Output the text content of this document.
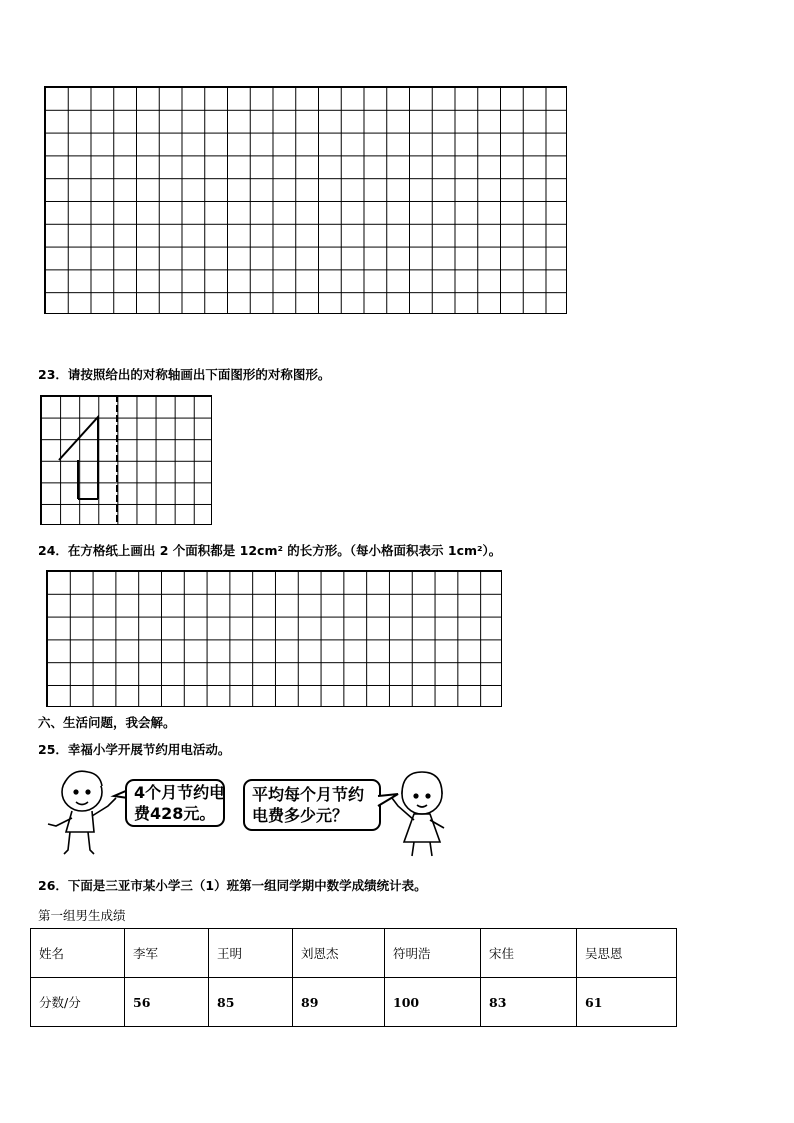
23．请按照给出的对称轴画出下面图形的对称图形。
24．在方格纸上画出 2 个面积都是 12cm² 的长方形。（每小格面积表示 1cm²）。
六、生活问题，我会解。
25．幸福小学开展节约用电活动。
4个月节约电
费428元。
平均每个月节约
电费多少元？
26．下面是三亚市某小学三（1）班第一组同学期中数学成绩统计表。
第一组男生成绩
姓名	李军	王明	刘恩杰	符明浩	宋佳	吴思恩
分数/分	56	85	89	100	83	61
